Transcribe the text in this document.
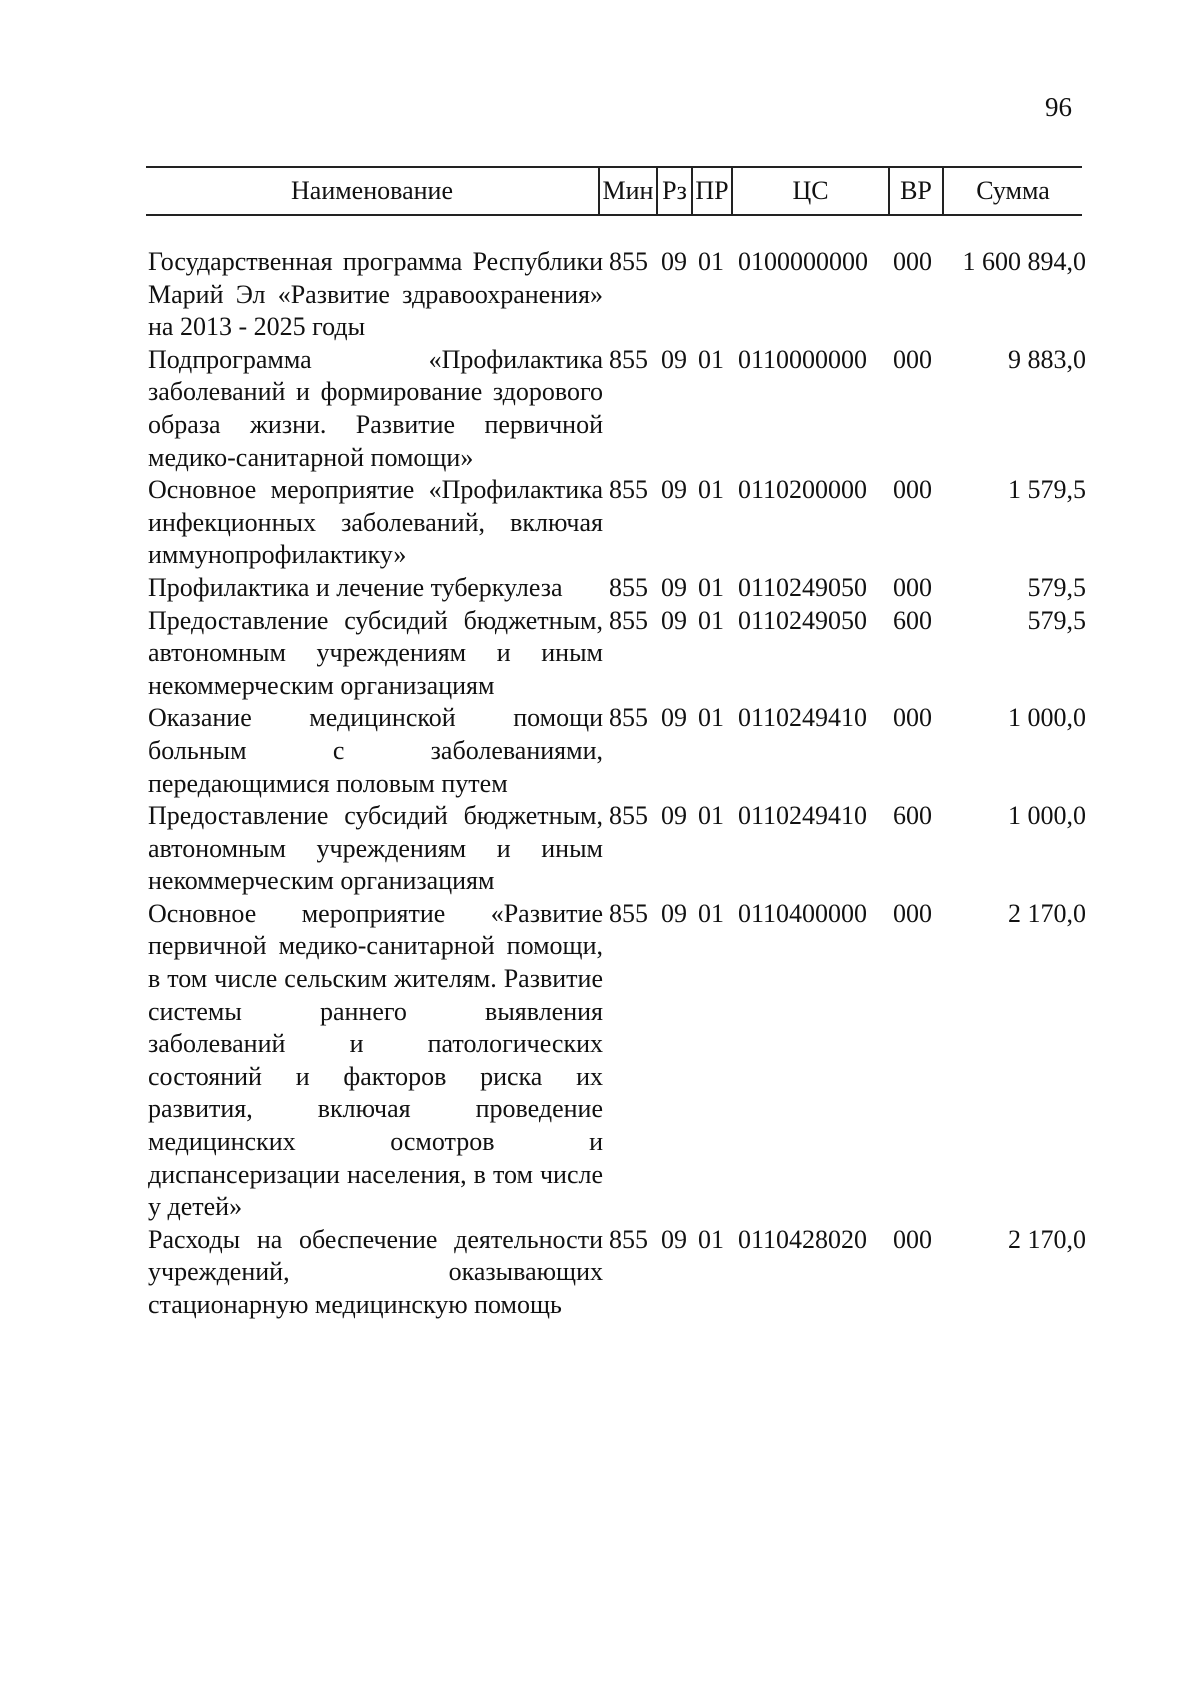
96
Наименование	Мин Рз ПР	ЦС	ВР	Сумма
Государственная программа Республики Марий Эл «Развитие здравоохранения» на 2013 - 2025 годы
855 09 01 0100000000 000	1 600 894,0
Подпрограмма «Профилактика заболеваний и формирование здорового образа жизни. Развитие первичной медико-санитарной помощи»
855 09 01 0110000000 000	9 883,0
Основное мероприятие «Профилактика инфекционных заболеваний, включая иммунопрофилактику»
855 09 01 0110200000 000	1 579,5
Профилактика и лечение туберкулеза	855 09 01 0110249050 000	579,5
Предоставление субсидий бюджетным, автономным учреждениям и иным некоммерческим организациям
855 09 01 0110249050 600	579,5
Оказание медицинской помощи больным с заболеваниями, передающимися половым путем
855 09 01 0110249410 000	1 000,0
Предоставление субсидий бюджетным, автономным учреждениям и иным некоммерческим организациям
855 09 01 0110249410 600	1 000,0
Основное мероприятие «Развитие первичной медико-санитарной помощи, в том числе сельским жителям. Развитие системы раннего выявления заболеваний и патологических состояний и факторов риска их развития, включая проведение медицинских осмотров и диспансеризации населения, в том числе у детей»
855 09 01 0110400000 000	2 170,0
Расходы на обеспечение деятельности учреждений, оказывающих стационарную медицинскую помощь
855 09 01 0110428020 000	2 170,0
